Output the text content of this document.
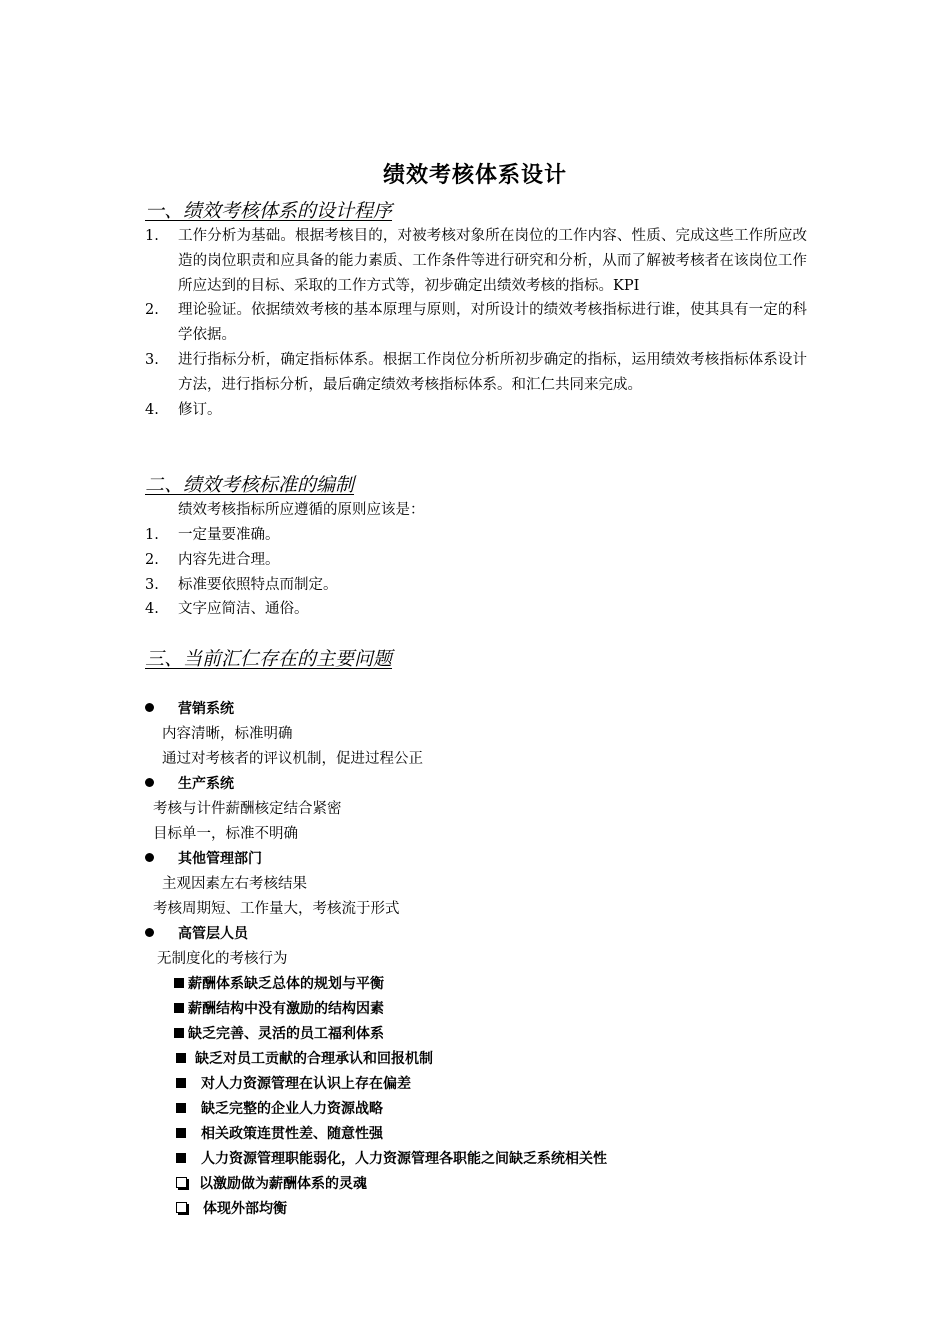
绩效考核体系设计
一、绩效考核体系的设计程序
1. 工作分析为基础。根据考核目的，对被考核对象所在岗位的工作内容、性质、完成这些工作所应改造的岗位职责和应具备的能力素质、工作条件等进行研究和分析，从而了解被考核者在该岗位工作所应达到的目标、采取的工作方式等，初步确定出绩效考核的指标。KPI
2. 理论验证。依据绩效考核的基本原理与原则，对所设计的绩效考核指标进行谁，使其具有一定的科学依据。
3. 进行指标分析，确定指标体系。根据工作岗位分析所初步确定的指标，运用绩效考核指标体系设计方法，进行指标分析，最后确定绩效考核指标体系。和汇仁共同来完成。
4. 修订。
二、绩效考核标准的编制
绩效考核指标所应遵循的原则应该是：
1. 一定量要准确。
2. 内容先进合理。
3. 标准要依照特点而制定。
4. 文字应简洁、通俗。
三、当前汇仁存在的主要问题
营销系统
内容清晰，标准明确
通过对考核者的评议机制，促进过程公正
生产系统
考核与计件薪酬核定结合紧密
目标单一，标准不明确
其他管理部门
主观因素左右考核结果
考核周期短、工作量大，考核流于形式
高管层人员
无制度化的考核行为
薪酬体系缺乏总体的规划与平衡
薪酬结构中没有激励的结构因素
缺乏完善、灵活的员工福利体系
缺乏对员工贡献的合理承认和回报机制
对人力资源管理在认识上存在偏差
缺乏完整的企业人力资源战略
相关政策连贯性差、随意性强
人力资源管理职能弱化，人力资源管理各职能之间缺乏系统相关性
以激励做为薪酬体系的灵魂
体现外部均衡
